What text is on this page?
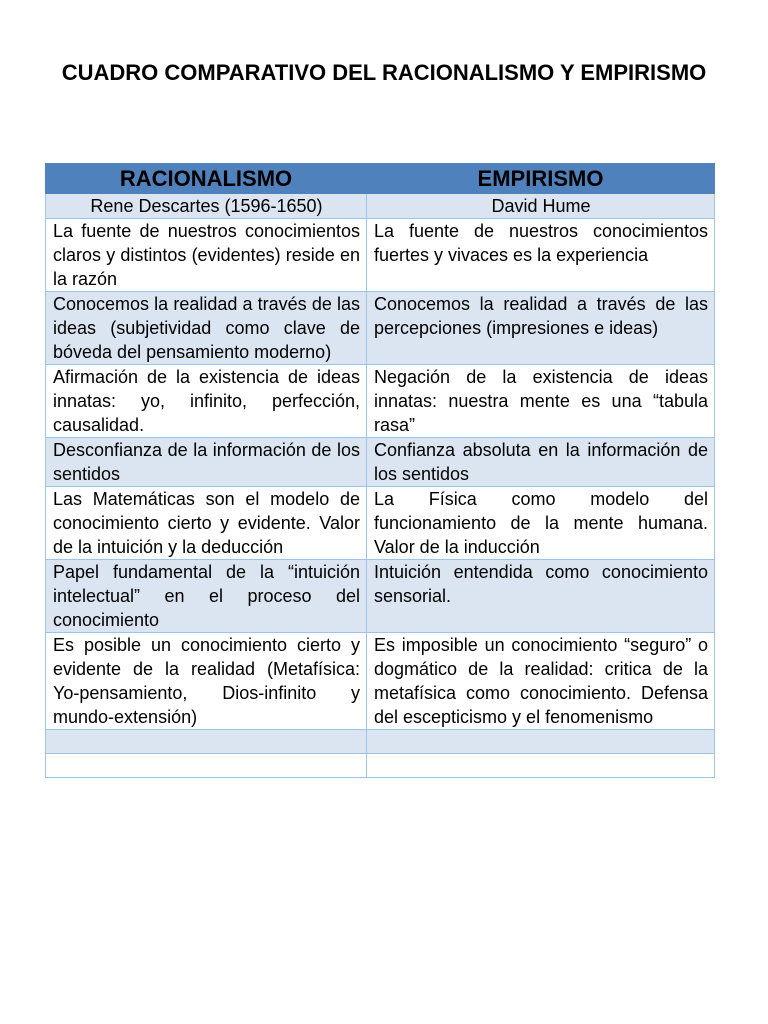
CUADRO COMPARATIVO DEL RACIONALISMO Y EMPIRISMO
RACIONALISMO	EMPIRISMO
Rene Descartes (1596-1650)	David Hume
La fuente de nuestros conocimientos claros y distintos (evidentes) reside en la razón	La fuente de nuestros conocimientos fuertes y vivaces es la experiencia
Conocemos la realidad a través de las ideas (subjetividad como clave de bóveda del pensamiento moderno)	Conocemos la realidad a través de las percepciones (impresiones e ideas)
Afirmación de la existencia de ideas innatas: yo, infinito, perfección, causalidad.	Negación de la existencia de ideas innatas: nuestra mente es una “tabula rasa”
Desconfianza de la información de los sentidos	Confianza absoluta en la información de los sentidos
Las Matemáticas son el modelo de conocimiento cierto y evidente. Valor de la intuición y la deducción	La Física como modelo del funcionamiento de la mente humana. Valor de la inducción
Papel fundamental de la “intuición intelectual” en el proceso del conocimiento	Intuición entendida como conocimiento sensorial.
Es posible un conocimiento cierto y evidente de la realidad (Metafísica: Yo-pensamiento, Dios-infinito y mundo-extensión)	Es imposible un conocimiento “seguro” o dogmático de la realidad: critica de la metafísica como conocimiento. Defensa del escepticismo y el fenomenismo
